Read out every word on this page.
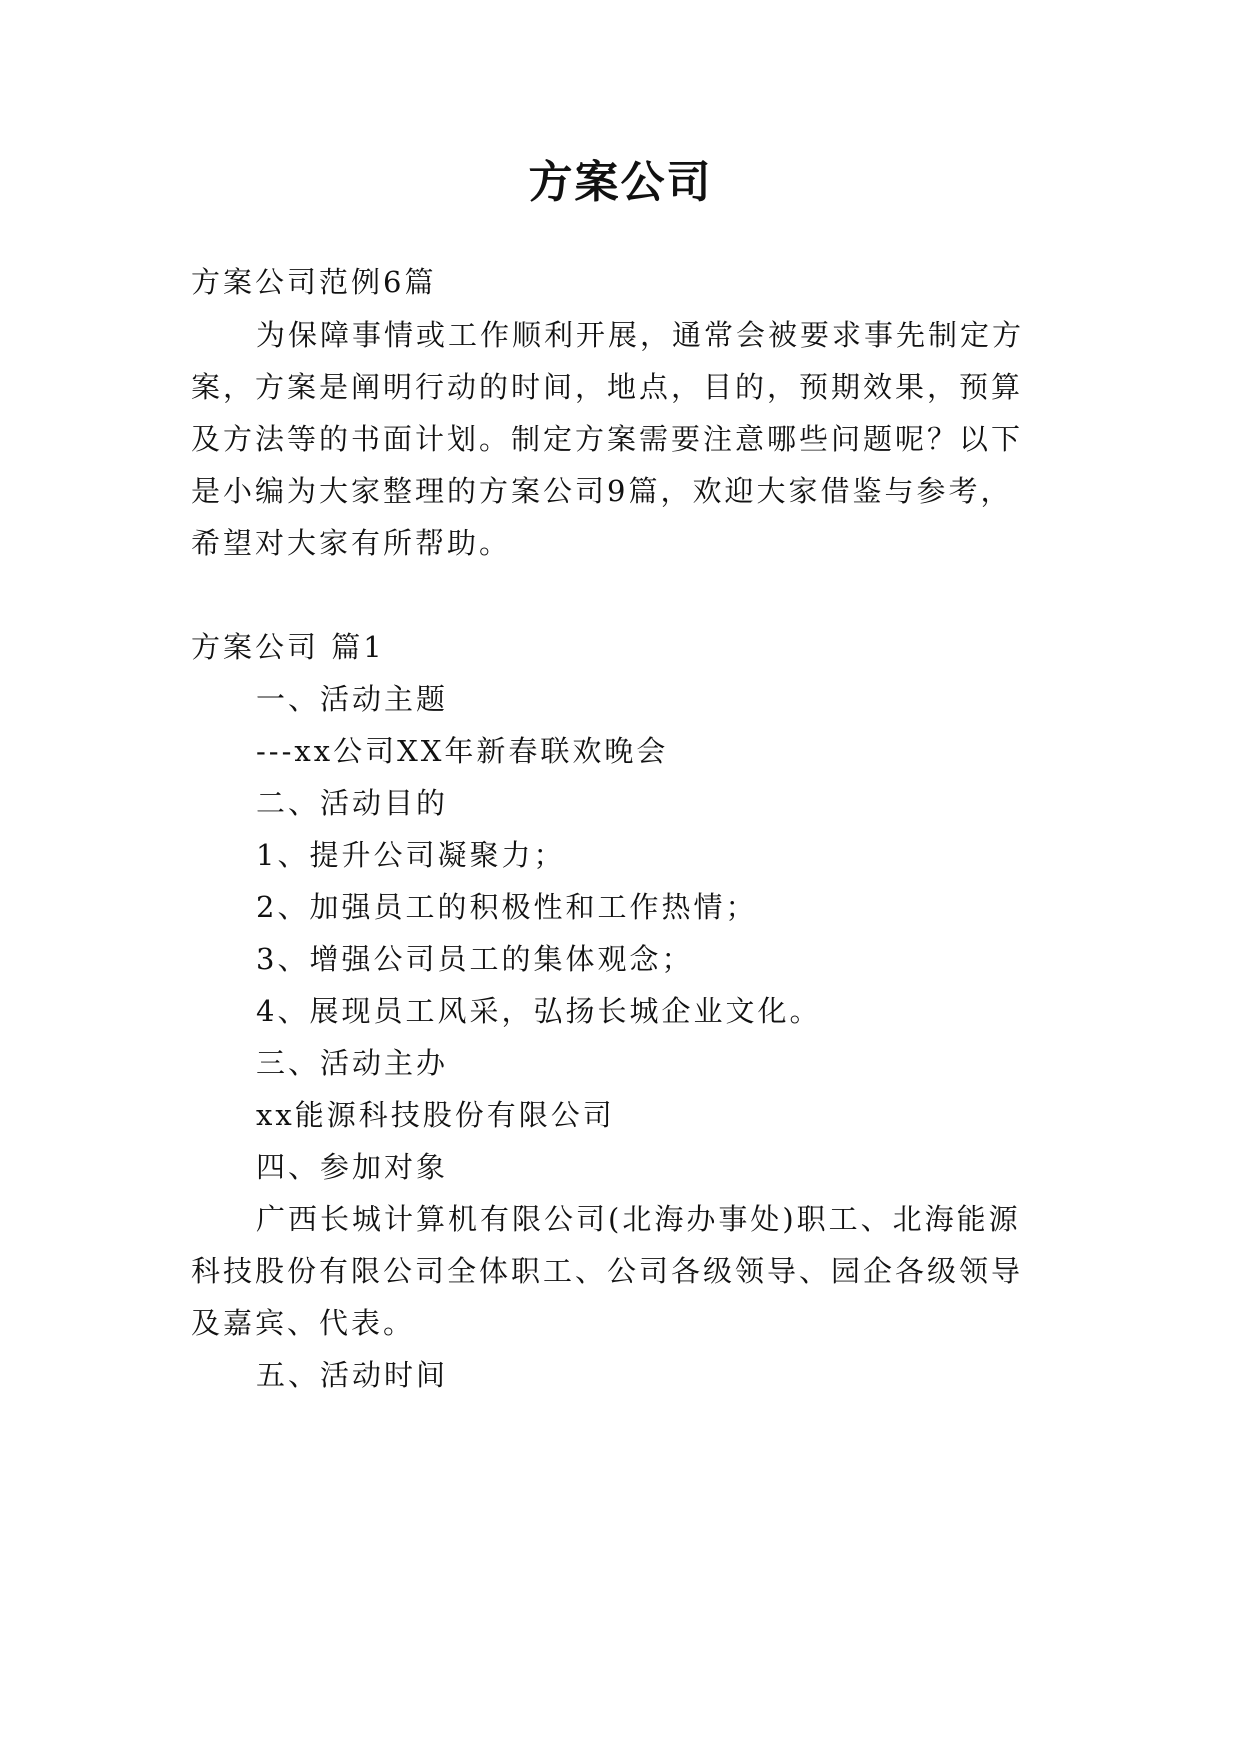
方案公司
方案公司范例6篇
为保障事情或工作顺利开展，通常会被要求事先制定方
案，方案是阐明行动的时间，地点，目的，预期效果，预算
及方法等的书面计划。制定方案需要注意哪些问题呢？以下
是小编为大家整理的方案公司9篇，欢迎大家借鉴与参考，
希望对大家有所帮助。
方案公司 篇1
一、活动主题
---xx公司XX年新春联欢晚会
二、活动目的
1、提升公司凝聚力；
2、加强员工的积极性和工作热情；
3、增强公司员工的集体观念；
4、展现员工风采，弘扬长城企业文化。
三、活动主办
xx能源科技股份有限公司
四、参加对象
广西长城计算机有限公司(北海办事处)职工、北海能源
科技股份有限公司全体职工、公司各级领导、园企各级领导
及嘉宾、代表。
五、活动时间
